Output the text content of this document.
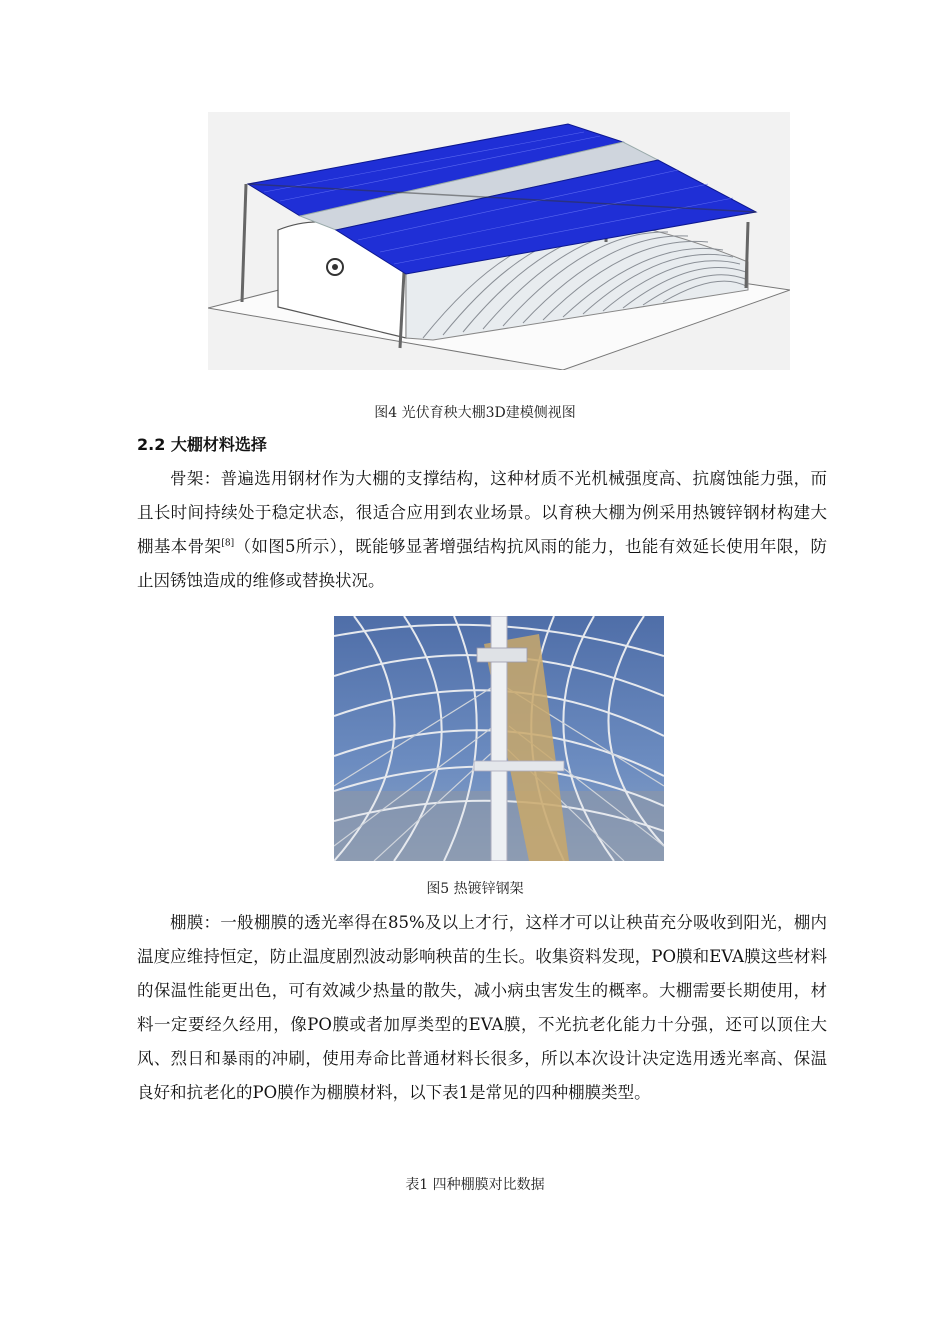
图4 光伏育秧大棚3D建模侧视图
2.2 大棚材料选择

骨架：普遍选用钢材作为大棚的支撑结构，这种材质不光机械强度高、抗腐蚀能力强，而且长时间持续处于稳定状态，很适合应用到农业场景。以育秧大棚为例采用热镀锌钢材构建大棚基本骨架[8]（如图5所示），既能够显著增强结构抗风雨的能力，也能有效延长使用年限，防止因锈蚀造成的维修或替换状况。

图5 热镀锌钢架

棚膜：一般棚膜的透光率得在85%及以上才行，这样才可以让秧苗充分吸收到阳光，棚内温度应维持恒定，防止温度剧烈波动影响秧苗的生长。收集资料发现，PO膜和EVA膜这些材料的保温性能更出色，可有效减少热量的散失，减小病虫害发生的概率。大棚需要长期使用，材料一定要经久经用，像PO膜或者加厚类型的EVA膜，不光抗老化能力十分强，还可以顶住大风、烈日和暴雨的冲刷，使用寿命比普通材料长很多，所以本次设计决定选用透光率高、保温良好和抗老化的PO膜作为棚膜材料，以下表1是常见的四种棚膜类型。

表1 四种棚膜对比数据
